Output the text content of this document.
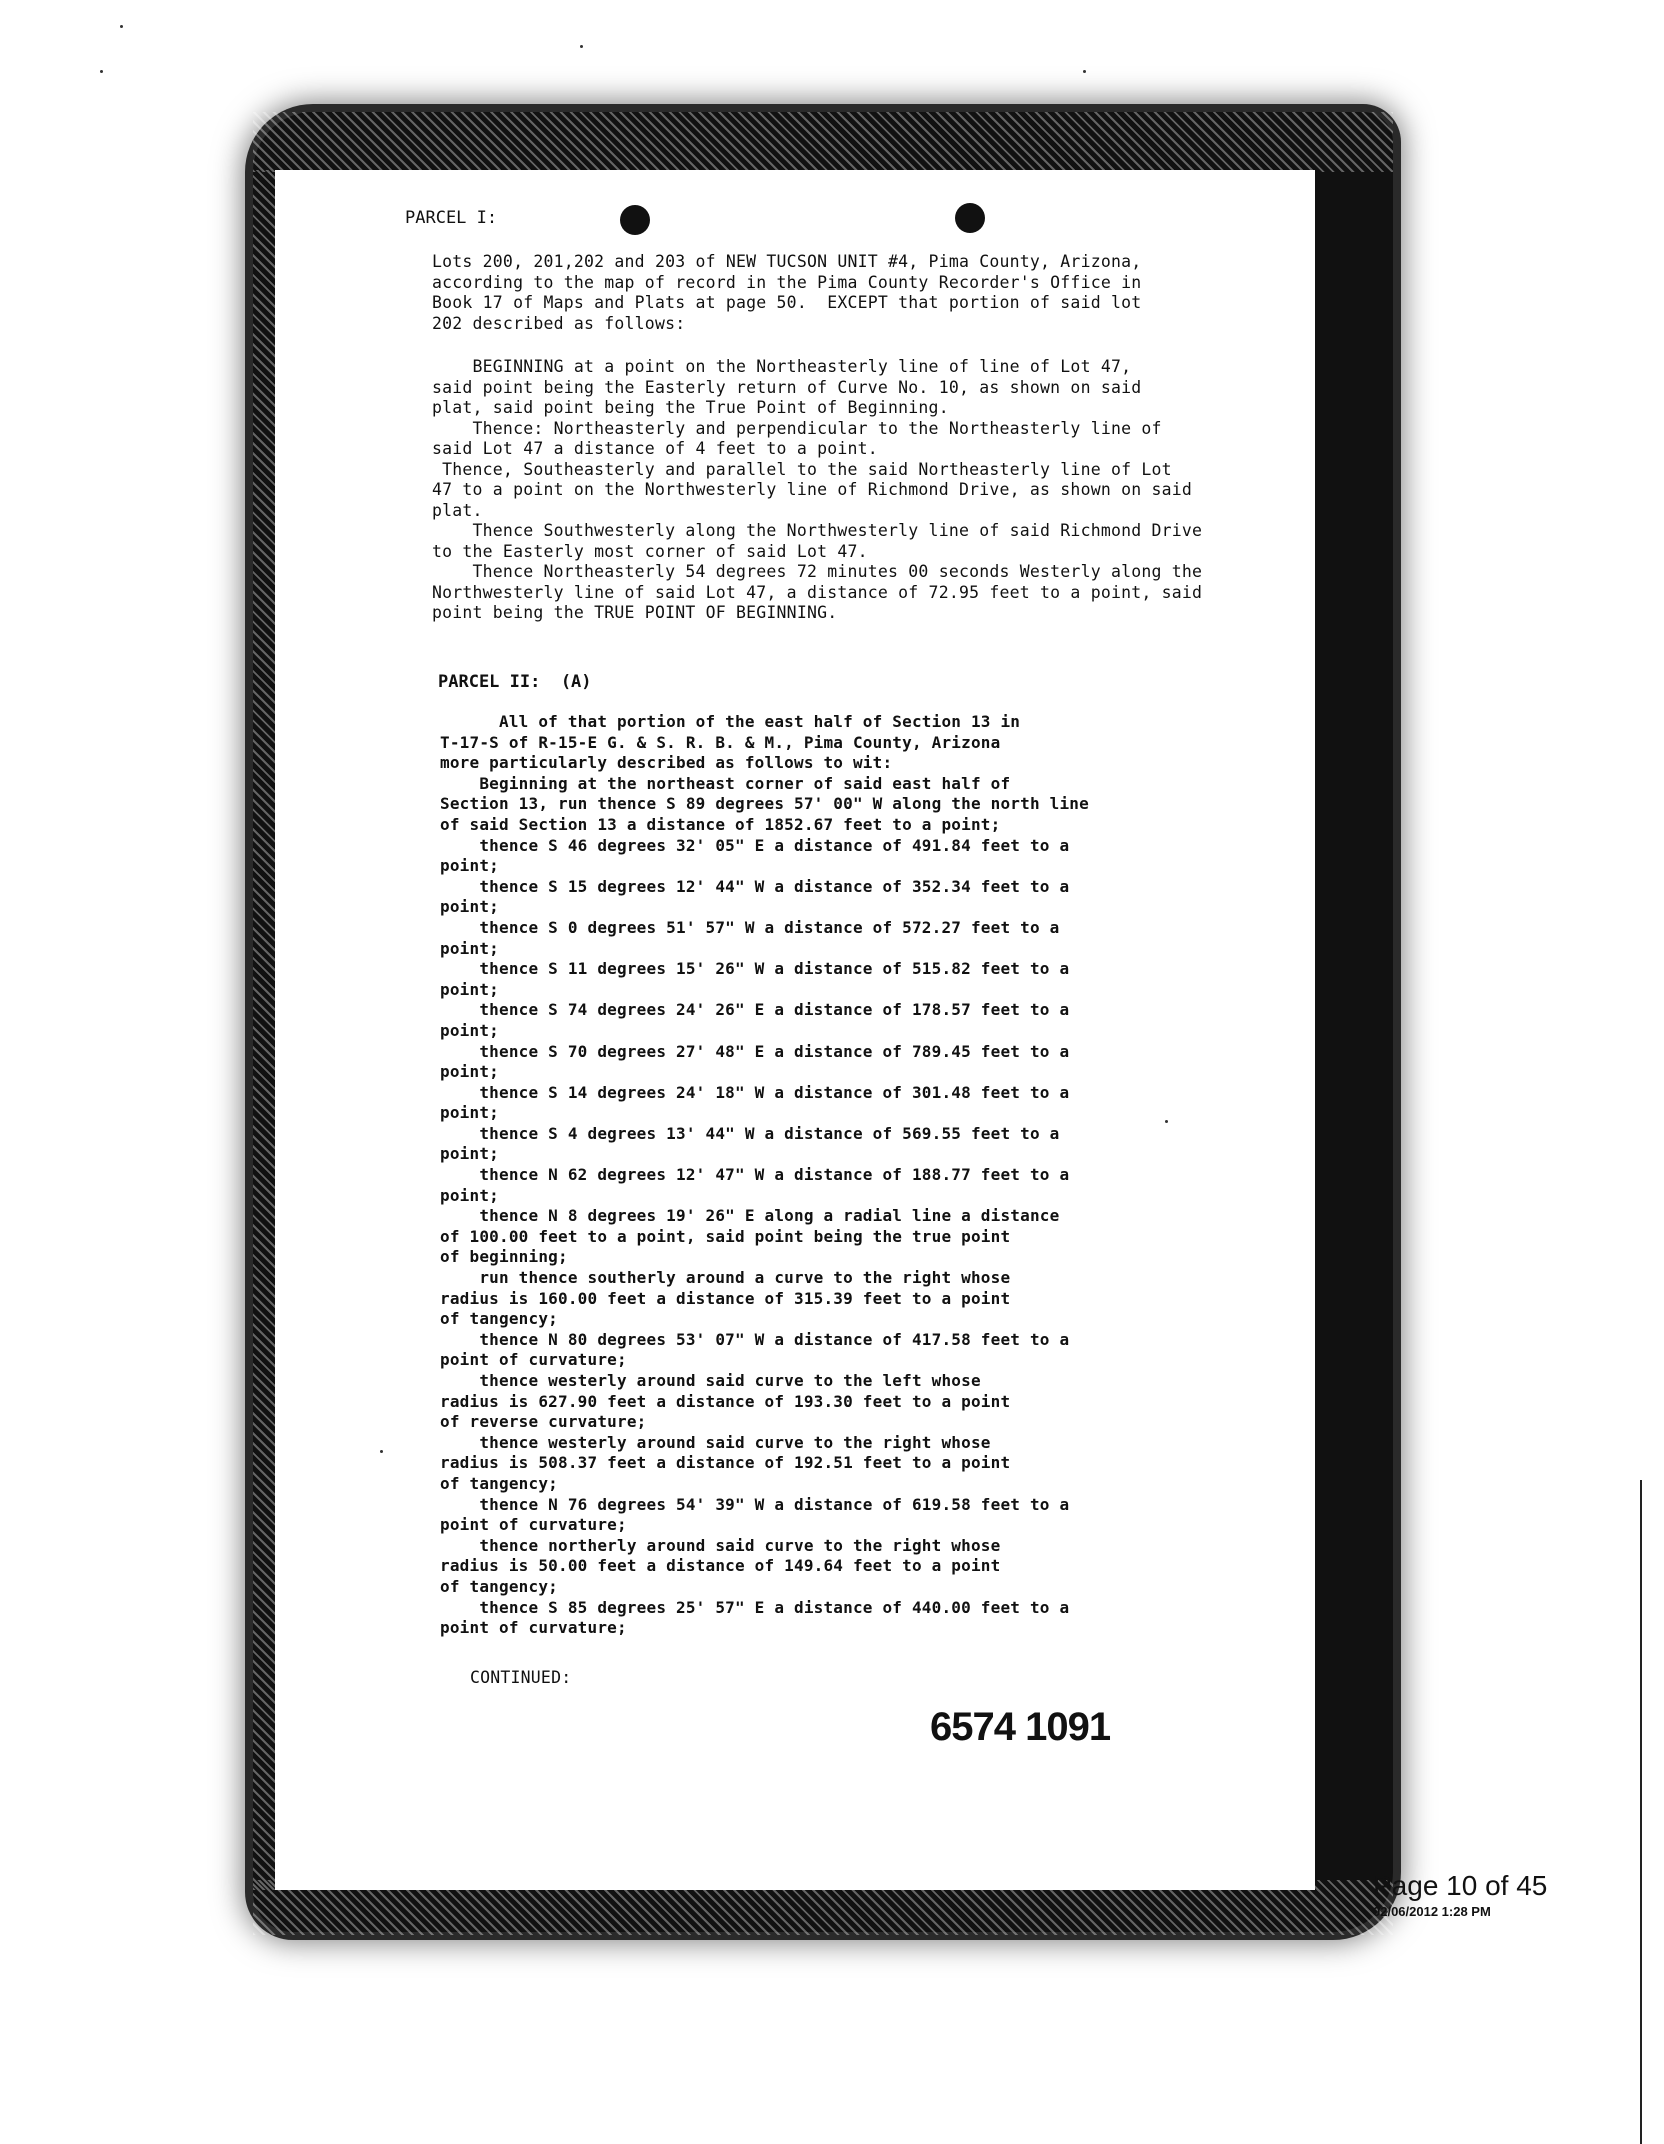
PARCEL I:
Lots 200, 201,202 and 203 of NEW TUCSON UNIT #4, Pima County, Arizona,
according to the map of record in the Pima County Recorder's Office in
Book 17 of Maps and Plats at page 50.  EXCEPT that portion of said lot
202 described as follows:
BEGINNING at a point on the Northeasterly line of line of Lot 47,
said point being the Easterly return of Curve No. 10, as shown on said
plat, said point being the True Point of Beginning.
Thence: Northeasterly and perpendicular to the Northeasterly line of
said Lot 47 a distance of 4 feet to a point.
Thence, Southeasterly and parallel to the said Northeasterly line of Lot
47 to a point on the Northwesterly line of Richmond Drive, as shown on said
plat.
Thence Southwesterly along the Northwesterly line of said Richmond Drive
to the Easterly most corner of said Lot 47.
Thence Northeasterly 54 degrees 72 minutes 00 seconds Westerly along the
Northwesterly line of said Lot 47, a distance of 72.95 feet to a point, said
point being the TRUE POINT OF BEGINNING.
PARCEL II:  (A)
All of that portion of the east half of Section 13 in
T-17-S of R-15-E G. & S. R. B. & M., Pima County, Arizona
more particularly described as follows to wit:
Beginning at the northeast corner of said east half of
Section 13, run thence S 89 degrees 57' 00" W along the north line
of said Section 13 a distance of 1852.67 feet to a point;
thence S 46 degrees 32' 05" E a distance of 491.84 feet to a
point;
thence S 15 degrees 12' 44" W a distance of 352.34 feet to a
point;
thence S 0 degrees 51' 57" W a distance of 572.27 feet to a
point;
thence S 11 degrees 15' 26" W a distance of 515.82 feet to a
point;
thence S 74 degrees 24' 26" E a distance of 178.57 feet to a
point;
thence S 70 degrees 27' 48" E a distance of 789.45 feet to a
point;
thence S 14 degrees 24' 18" W a distance of 301.48 feet to a
point;
thence S 4 degrees 13' 44" W a distance of 569.55 feet to a
point;
thence N 62 degrees 12' 47" W a distance of 188.77 feet to a
point;
thence N 8 degrees 19' 26" E along a radial line a distance
of 100.00 feet to a point, said point being the true point
of beginning;
run thence southerly around a curve to the right whose
radius is 160.00 feet a distance of 315.39 feet to a point
of tangency;
thence N 80 degrees 53' 07" W a distance of 417.58 feet to a
point of curvature;
thence westerly around said curve to the left whose
radius is 627.90 feet a distance of 193.30 feet to a point
of reverse curvature;
thence westerly around said curve to the right whose
radius is 508.37 feet a distance of 192.51 feet to a point
of tangency;
thence N 76 degrees 54' 39" W a distance of 619.58 feet to a
point of curvature;
thence northerly around said curve to the right whose
radius is 50.00 feet a distance of 149.64 feet to a point
of tangency;
thence S 85 degrees 25' 57" E a distance of 440.00 feet to a
point of curvature;
CONTINUED:
6574 1091
Page 10 of 45
02/06/2012 1:28 PM
